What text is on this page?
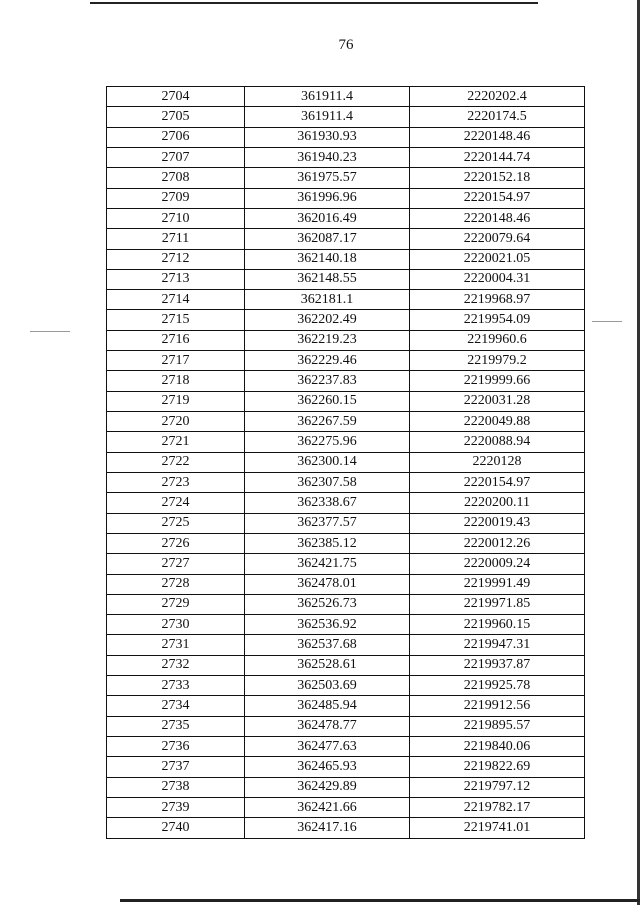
76
2704	361911.4	2220202.4
2705	361911.4	2220174.5
2706	361930.93	2220148.46
2707	361940.23	2220144.74
2708	361975.57	2220152.18
2709	361996.96	2220154.97
2710	362016.49	2220148.46
2711	362087.17	2220079.64
2712	362140.18	2220021.05
2713	362148.55	2220004.31
2714	362181.1	2219968.97
2715	362202.49	2219954.09
2716	362219.23	2219960.6
2717	362229.46	2219979.2
2718	362237.83	2219999.66
2719	362260.15	2220031.28
2720	362267.59	2220049.88
2721	362275.96	2220088.94
2722	362300.14	2220128
2723	362307.58	2220154.97
2724	362338.67	2220200.11
2725	362377.57	2220019.43
2726	362385.12	2220012.26
2727	362421.75	2220009.24
2728	362478.01	2219991.49
2729	362526.73	2219971.85
2730	362536.92	2219960.15
2731	362537.68	2219947.31
2732	362528.61	2219937.87
2733	362503.69	2219925.78
2734	362485.94	2219912.56
2735	362478.77	2219895.57
2736	362477.63	2219840.06
2737	362465.93	2219822.69
2738	362429.89	2219797.12
2739	362421.66	2219782.17
2740	362417.16	2219741.01
